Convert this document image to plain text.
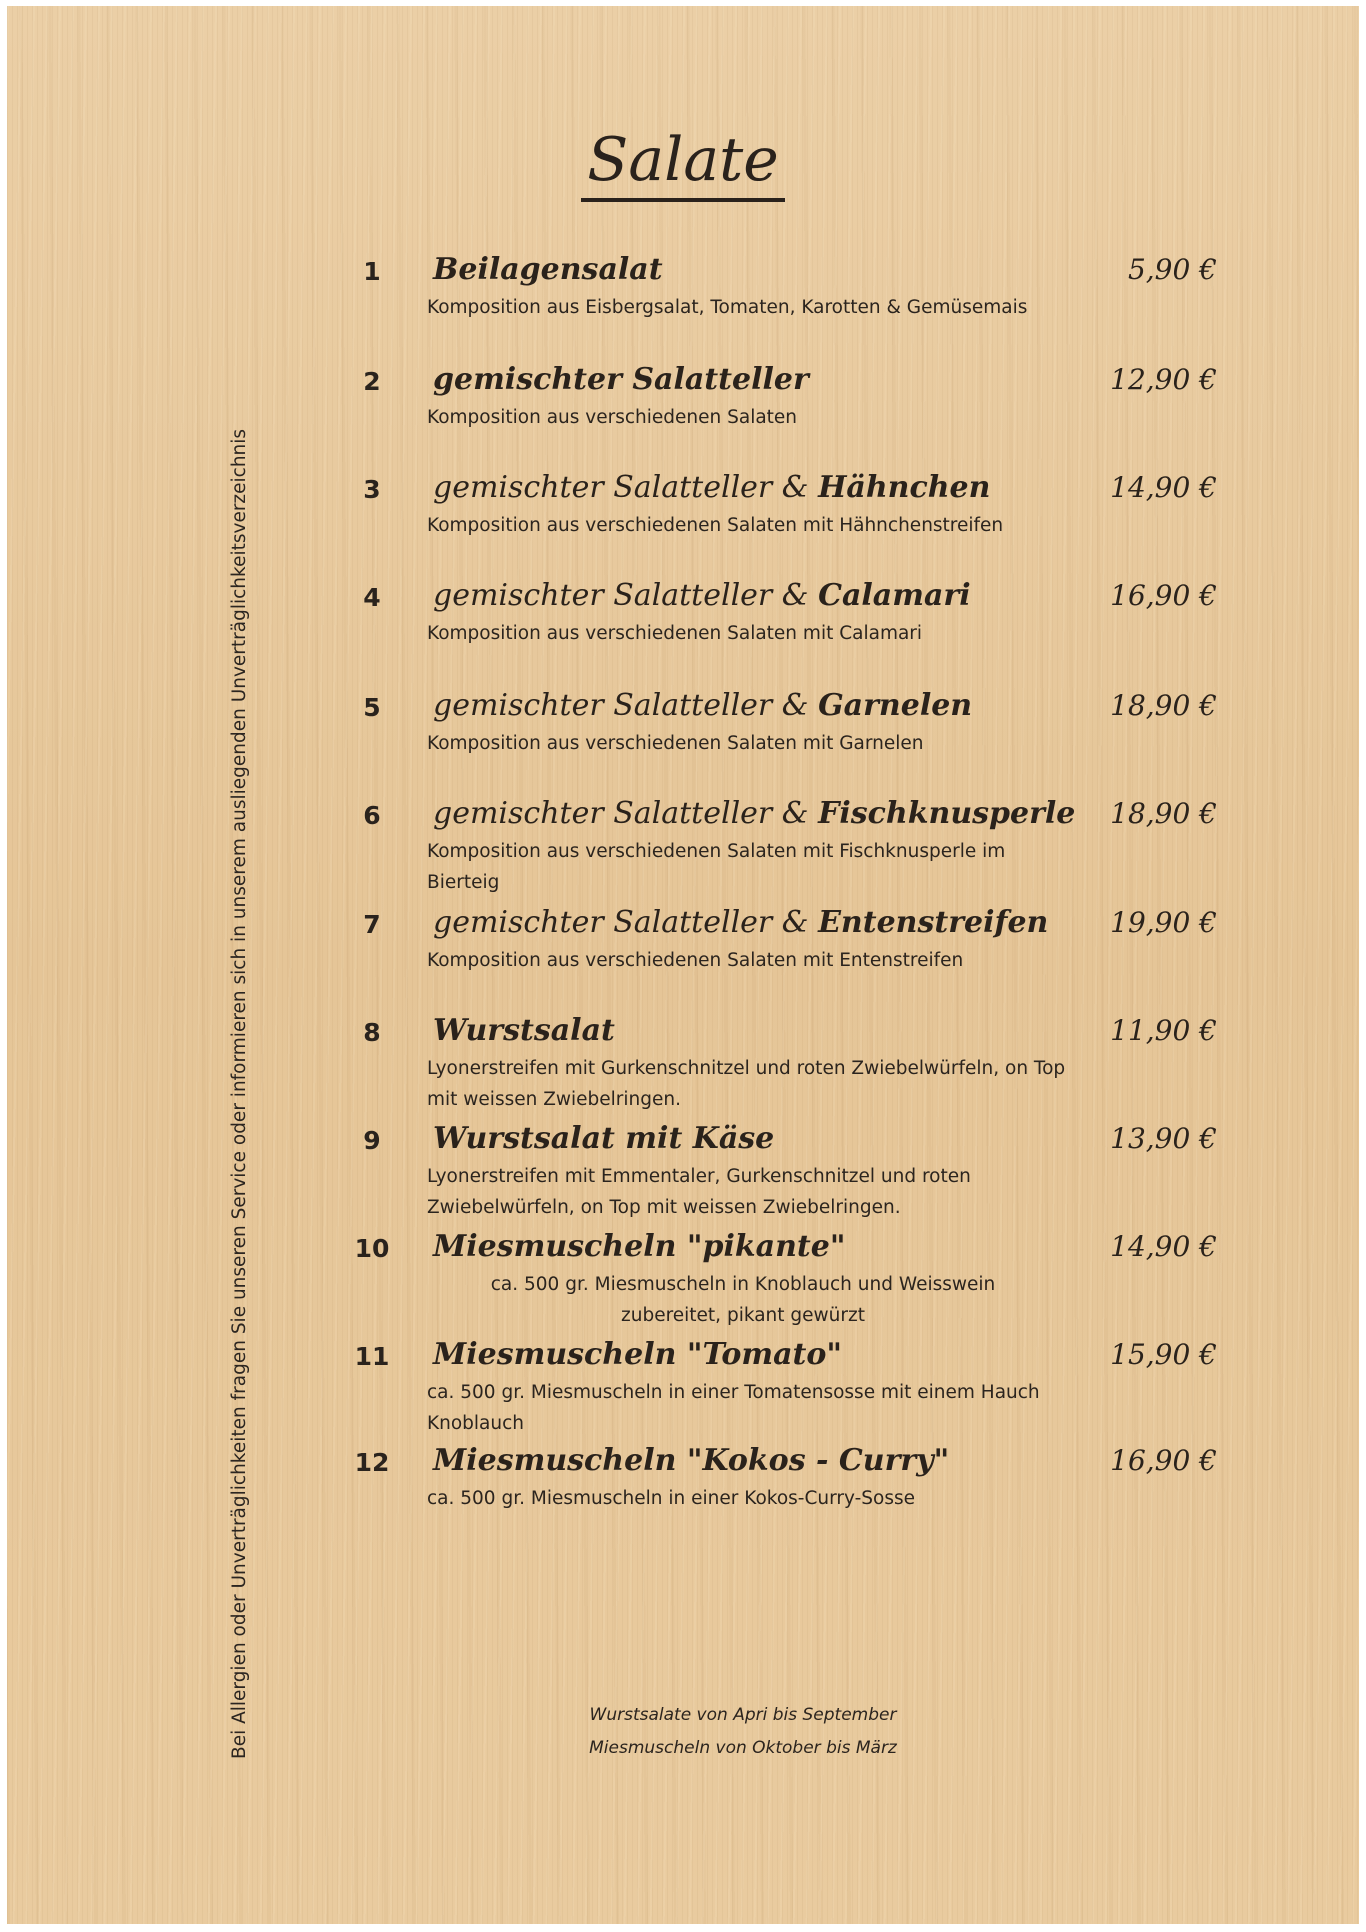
Salate
Bei Allergien oder Unverträglichkeiten fragen Sie unseren Service oder informieren sich in unserem ausliegenden Unverträglichkeitsverzeichnis
1	Beilagensalat
Komposition aus Eisbergsalat, Tomaten, Karotten & Gemüsemais
5,90 €
2	gemischter Salatteller
Komposition aus verschiedenen Salaten
12,90 €
3	gemischter Salatteller & Hähnchen
Komposition aus verschiedenen Salaten mit Hähnchenstreifen
14,90 €
4	gemischter Salatteller & Calamari
Komposition aus verschiedenen Salaten mit Calamari
16,90 €
5	gemischter Salatteller & Garnelen
Komposition aus verschiedenen Salaten mit Garnelen
18,90 €
6	gemischter Salatteller & Fischknusperle
Komposition aus verschiedenen Salaten mit Fischknusperle im Bierteig
18,90 €
7	gemischter Salatteller & Entenstreifen
Komposition aus verschiedenen Salaten mit Entenstreifen
19,90 €
8	Wurstsalat
Lyonerstreifen mit Gurkenschnitzel und roten Zwiebelwürfeln, on Top mit weissen Zwiebelringen.
11,90 €
9	Wurstsalat mit Käse
Lyonerstreifen mit Emmentaler, Gurkenschnitzel und roten Zwiebelwürfeln, on Top mit weissen Zwiebelringen.
13,90 €
10	Miesmuscheln "pikante"
ca. 500 gr. Miesmuscheln in Knoblauch und Weisswein zubereitet, pikant gewürzt
14,90 €
11	Miesmuscheln "Tomato"
ca. 500 gr. Miesmuscheln in einer Tomatensosse mit einem Hauch Knoblauch
15,90 €
12	Miesmuscheln "Kokos - Curry"
ca. 500 gr. Miesmuscheln in einer Kokos-Curry-Sosse
16,90 €
Wurstsalate von Apri bis September
Miesmuscheln von Oktober bis März
